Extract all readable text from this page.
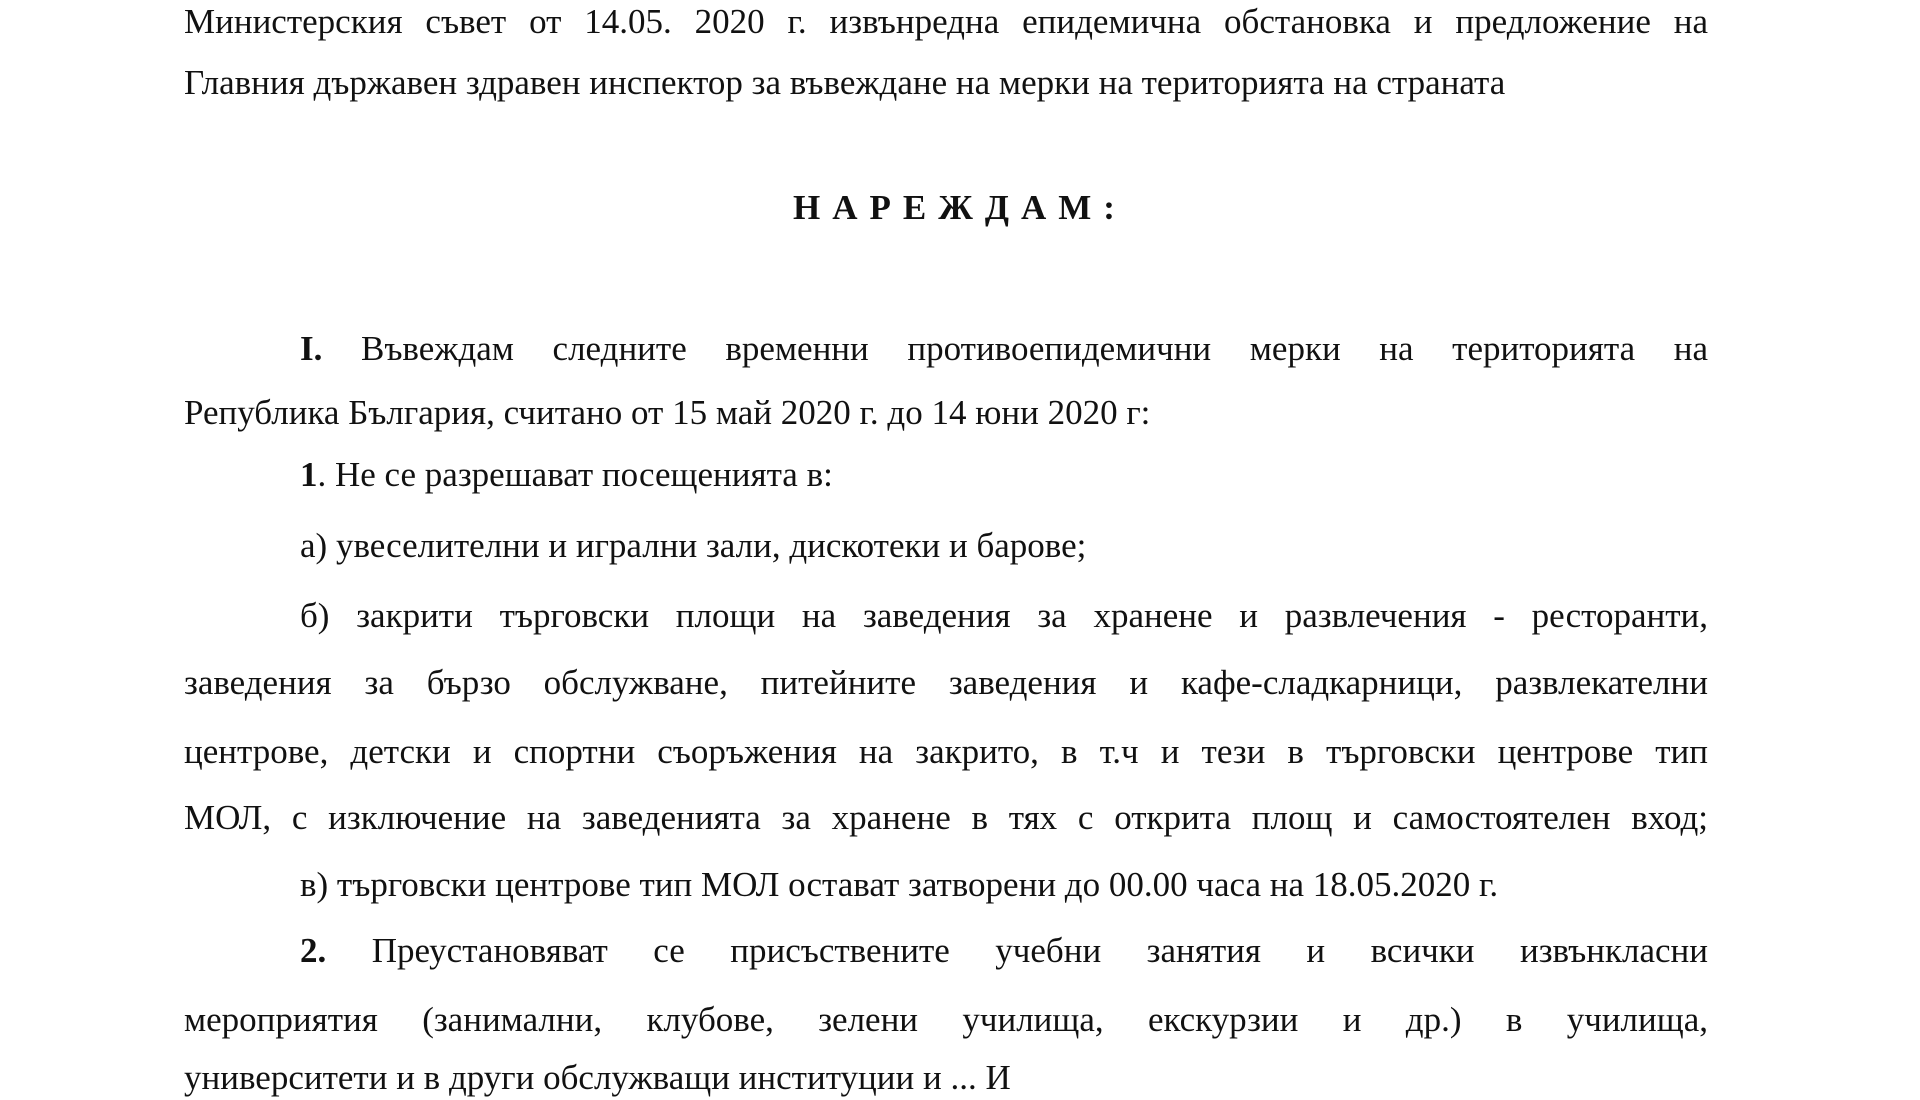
Министерския съвет от 14.05. 2020 г. извънредна епидемична обстановка и предложение на
Главния държавен здравен инспектор за въвеждане на мерки на територията на страната
НАРЕЖДАМ:
I. Въвеждам следните временни противоепидемични мерки на територията на
Република България, считано от 15 май 2020 г. до 14 юни 2020 г:
1. Не се разрешават посещенията в:
а) увеселителни и игрални зали, дискотеки и барове;
б) закрити търговски площи на заведения за хранене и развлечения - ресторанти,
заведения за бързо обслужване, питейните заведения и кафе-сладкарници, развлекателни
центрове, детски и спортни съоръжения на закрито, в т.ч и тези в търговски центрове тип
МОЛ, с изключение на заведенията за хранене в тях с открита площ и самостоятелен вход;
в) търговски центрове тип МОЛ остават затворени до 00.00 часа на 18.05.2020 г.
2. Преустановяват се присъствените учебни занятия и всички извънкласни
мероприятия (занимални, клубове, зелени училища, екскурзии и др.) в училища,
университети и в други обслужващи институции и ... И
